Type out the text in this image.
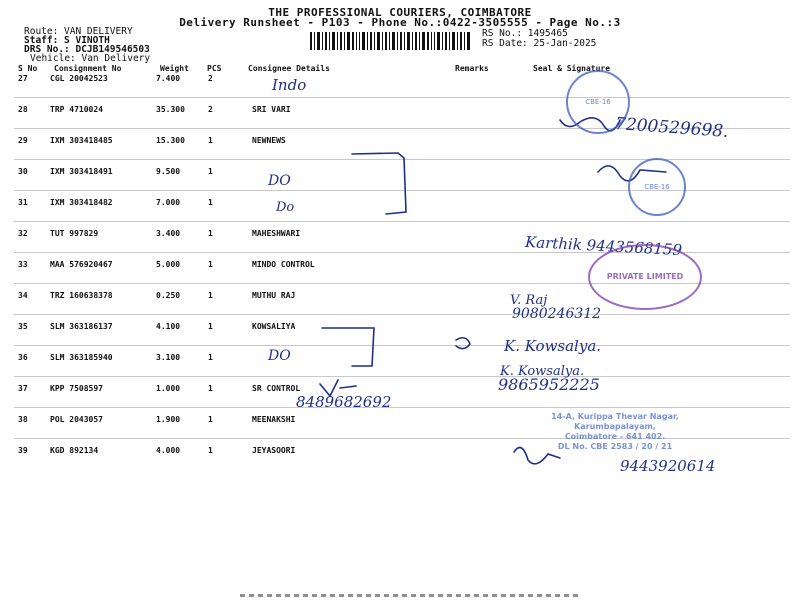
THE PROFESSIONAL COURIERS, COIMBATORE
Delivery Runsheet - P103 - Phone No.:0422-3505555 - Page No.:3
Route: VAN DELIVERY
Staff: S VINOTH
DRS No.: DCJB14954650​3
Vehicle: Van Delivery
RS No.: 1495465
RS Date: 25-Jan-2025
S No Consignment No	Weight PCS	Consignee Details	Remarks	Seal & Signature
27	CGL 20042523	7.400	2
28	TRP 4710024	35.300	2	SRI VARI
29	IXM 303418485	15.300	1	NEWNEWS
30	IXM 303418491	9.500	1
31	IXM 303418482	7.000	1
32	TUT 997829	3.400	1	MAHESHWARI
33	MAA 576920467	5.000	1	MINDO CONTROL
34	TRZ 160638378	0.250	1	MUTHU RAJ
35	SLM 363186137	4.100	1	KOWSALIYA
36	SLM 363185940	3.100	1
37	KPP 7508597	1.000	1	SR CONTROL
38	POL 2043057	1.900	1	MEENAKSHI
39	KGD 892134	4.000	1	JEYASOORI
Indo
7200529698.
DO
Do
Karthik 9443568159
V. Raj
9080246312
DO
K. Kowsalya.
K. Kowsalya.
9865952225
8489682692
9443920614
CBE-16
CBE-16
PRIVATE LIMITED
14-A, Kurippa Thevar Nagar,
Karumbapalayam,
Coimbatore - 641 402.
DL No. CBE 2583 / 20 / 21
